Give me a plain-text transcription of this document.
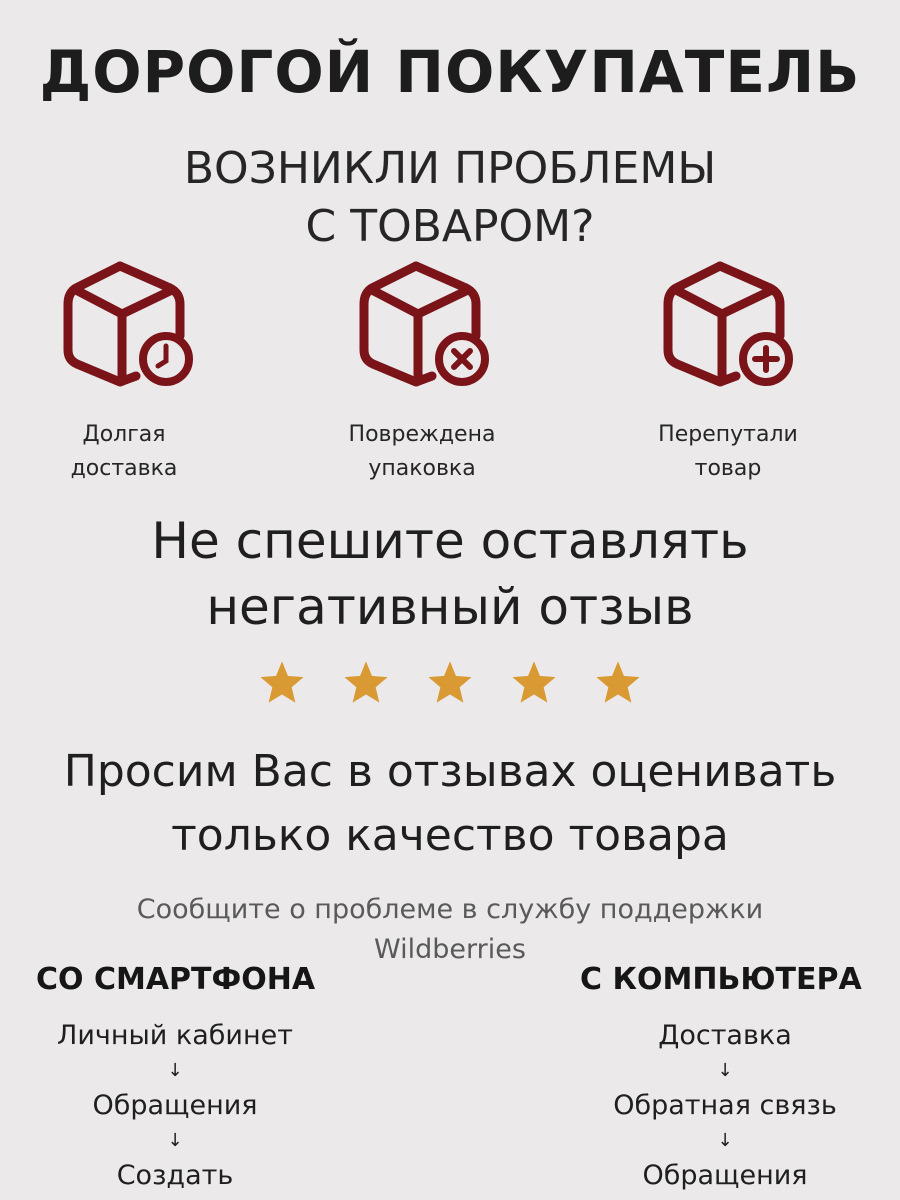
ДОРОГОЙ ПОКУПАТЕЛЬ
ВОЗНИКЛИ ПРОБЛЕМЫ
С ТОВАРОМ?
Долгая
доставка
Повреждена
упаковка
Перепутали
товар
Не спешите оставлять
негативный отзыв
Просим Вас в отзывах оценивать
только качество товара
Сообщите о проблеме в службу поддержки
Wildberries
СО СМАРТФОНА	С КОМПЬЮТЕРА
Личный кабинет
↓
Обращения
↓
Создать
Доставка
↓
Обратная связь
↓
Обращения
